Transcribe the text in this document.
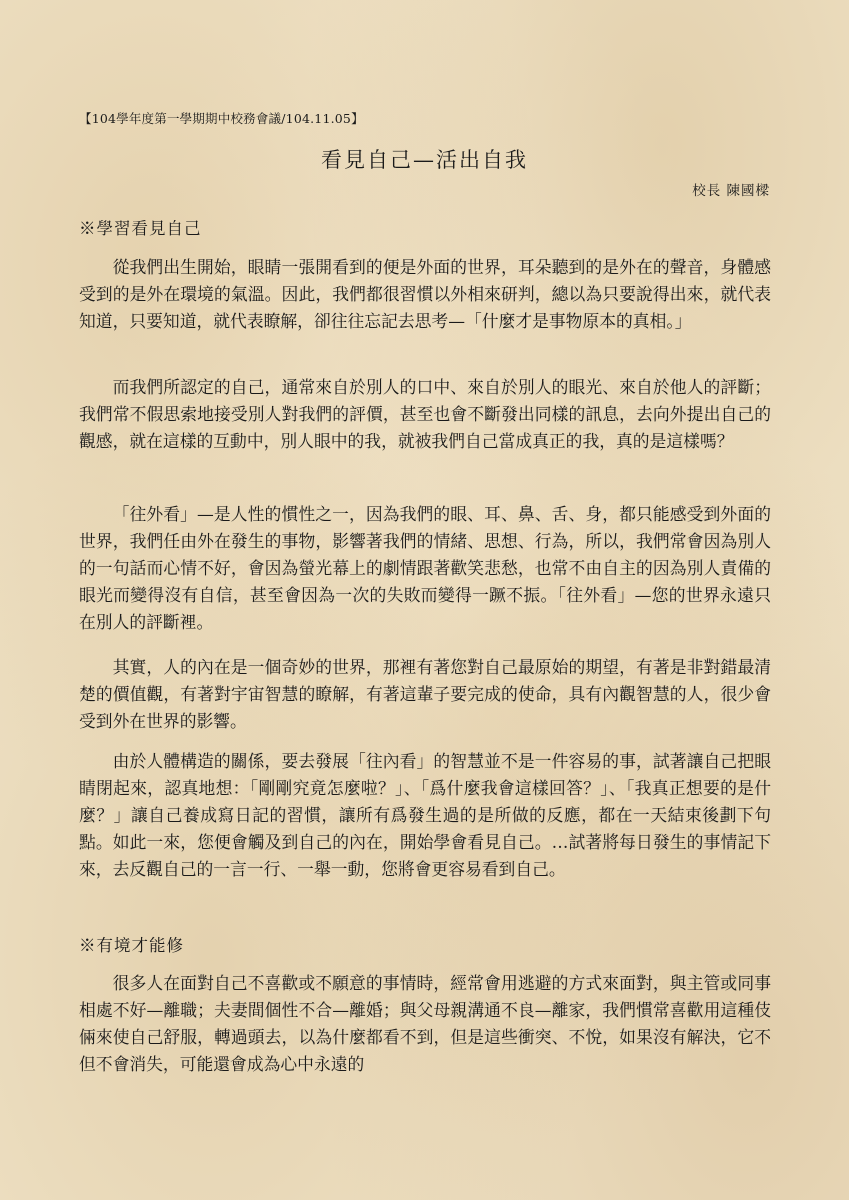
【104學年度第一學期期中校務會議/104.11.05】
看見自己—活出自我
校長 陳國樑
※學習看見自己

從我們出生開始，眼睛一張開看到的便是外面的世界，耳朵聽到的是外在的聲音，身體感受到的是外在環境的氣溫。因此，我們都很習慣以外相來研判，總以為只要說得出來，就代表知道，只要知道，就代表瞭解，卻往往忘記去思考—「什麼才是事物原本的真相。」

而我們所認定的自己，通常來自於別人的口中、來自於別人的眼光、來自於他人的評斷；我們常不假思索地接受別人對我們的評價，甚至也會不斷發出同樣的訊息，去向外提出自己的觀感，就在這樣的互動中，別人眼中的我，就被我們自己當成真正的我，真的是這樣嗎？

「往外看」—是人性的慣性之一，因為我們的眼、耳、鼻、舌、身，都只能感受到外面的世界，我們任由外在發生的事物，影響著我們的情緒、思想、行為，所以，我們常會因為別人的一句話而心情不好，會因為螢光幕上的劇情跟著歡笑悲愁，也常不由自主的因為別人責備的眼光而變得沒有自信，甚至會因為一次的失敗而變得一蹶不振。「往外看」—您的世界永遠只在別人的評斷裡。

其實，人的內在是一個奇妙的世界，那裡有著您對自己最原始的期望，有著是非對錯最清楚的價值觀，有著對宇宙智慧的瞭解，有著這輩子要完成的使命，具有內觀智慧的人，很少會受到外在世界的影響。

由於人體構造的關係，要去發展「往內看」的智慧並不是一件容易的事，試著讓自己把眼睛閉起來，認真地想：「剛剛究竟怎麼啦？」、「爲什麼我會這樣回答？」、「我真正想要的是什麼？」讓自己養成寫日記的習慣，讓所有爲發生過的是所做的反應，都在一天結束後劃下句點。如此一來，您便會觸及到自己的內在，開始學會看見自己。…試著將每日發生的事情記下來，去反觀自己的一言一行、一舉一動，您將會更容易看到自己。

※有境才能修

很多人在面對自己不喜歡或不願意的事情時，經常會用逃避的方式來面對，與主管或同事相處不好—離職；夫妻間個性不合—離婚；與父母親溝通不良—離家，我們慣常喜歡用這種伎倆來使自己舒服，轉過頭去，以為什麼都看不到，但是這些衝突、不悅，如果沒有解決，它不但不會消失，可能還會成為心中永遠的
